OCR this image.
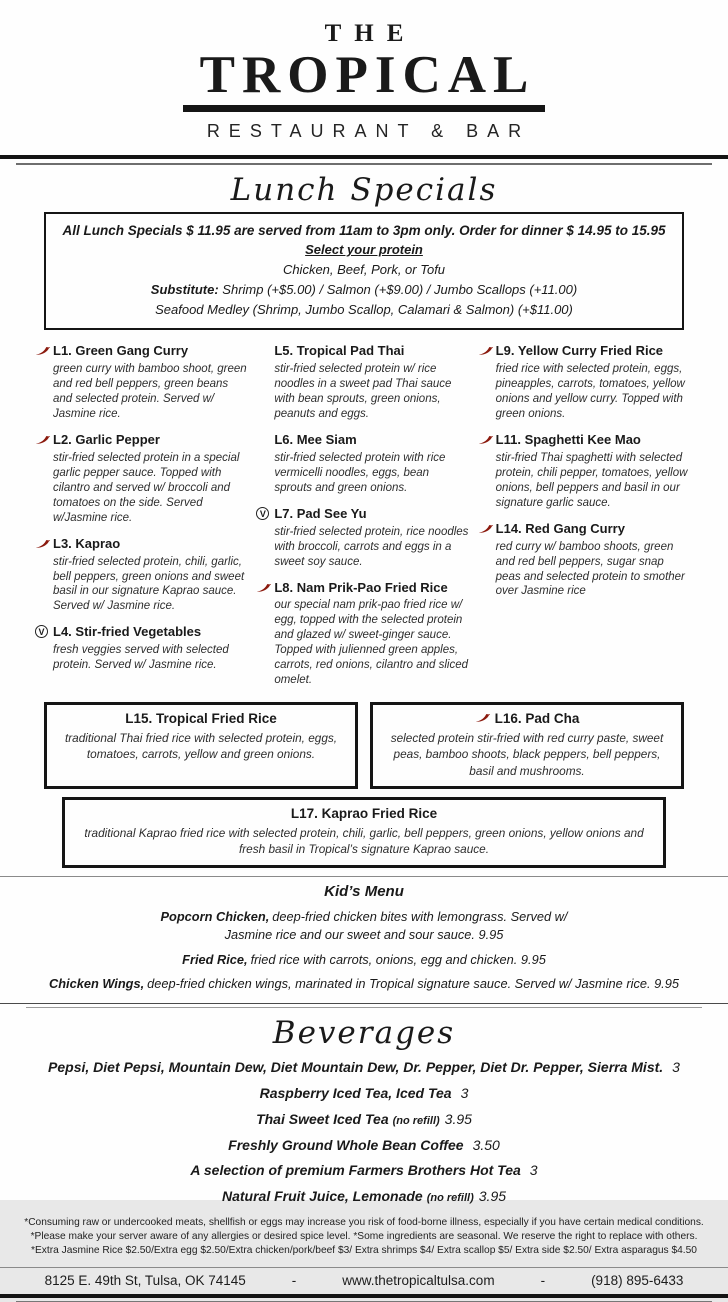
THE
TROPICAL
RESTAURANT & BAR
Lunch Specials

All Lunch Specials $ 11.95 are served from 11am to 3pm only. Order for dinner $ 14.95 to 15.95

Select your protein

Chicken, Beef, Pork, or Tofu

Substitute: Shrimp (+$5.00) / Salmon (+$9.00) / Jumbo Scallops (+11.00)

Seafood Medley (Shrimp, Jumbo Scallop, Calamari & Salmon) (+$11.00)

L1. Green Gang Curry

green curry with bamboo shoot, green and red bell peppers, green beans and selected protein. Served w/ Jasmine rice.

L2. Garlic Pepper

stir-fried selected protein in a special garlic pepper sauce. Topped with cilantro and served w/ broccoli and tomatoes on the side. Served w/Jasmine rice.

L3. Kaprao

stir-fried selected protein, chili, garlic, bell peppers, green onions and sweet basil in our signature Kaprao sauce. Served w/ Jasmine rice.

V L4. Stir-fried Vegetables

fresh veggies served with selected protein. Served w/ Jasmine rice.

L5. Tropical Pad Thai

stir-fried selected protein w/ rice noodles in a sweet pad Thai sauce with bean sprouts, green onions, peanuts and eggs.

L6. Mee Siam

stir-fried selected protein with rice vermicelli noodles, eggs, bean sprouts and green onions.

V L7. Pad See Yu

stir-fried selected protein, rice noodles with broccoli, carrots and eggs in a sweet soy sauce.

L8. Nam Prik-Pao Fried Rice

our special nam prik-pao fried rice w/ egg, topped with the selected protein and glazed w/ sweet-ginger sauce. Topped with julienned green apples, carrots, red onions, cilantro and sliced omelet.

L9. Yellow Curry Fried Rice

fried rice with selected protein, eggs, pineapples, carrots, tomatoes, yellow onions and yellow curry. Topped with green onions.

L11. Spaghetti Kee Mao

stir-fried Thai spaghetti with selected protein, chili pepper, tomatoes, yellow onions, bell peppers and basil in our signature garlic sauce.

L14. Red Gang Curry

red curry w/ bamboo shoots, green and red bell peppers, sugar snap peas and selected protein to smother over Jasmine rice

L15. Tropical Fried Rice

traditional Thai fried rice with selected protein, eggs, tomatoes, carrots, yellow and green onions.

L16. Pad Cha

selected protein stir-fried with red curry paste, sweet peas, bamboo shoots, black peppers, bell peppers, basil and mushrooms.

L17. Kaprao Fried Rice

traditional Kaprao fried rice with selected protein, chili, garlic, bell peppers, green onions, yellow onions and fresh basil in Tropical’s signature Kaprao sauce.

Kid’s Menu

Popcorn Chicken, deep-fried chicken bites with lemongrass. Served w/ Jasmine rice and our sweet and sour sauce. 9.95

Fried Rice, fried rice with carrots, onions, egg and chicken. 9.95

Chicken Wings, deep-fried chicken wings, marinated in Tropical signature sauce. Served w/ Jasmine rice. 9.95

Beverages

Pepsi, Diet Pepsi, Mountain Dew, Diet Mountain Dew, Dr. Pepper, Diet Dr. Pepper, Sierra Mist. 3

Raspberry Iced Tea, Iced Tea 3

Thai Sweet Iced Tea (no refill) 3.95

Freshly Ground Whole Bean Coffee 3.50

A selection of premium Farmers Brothers Hot Tea 3

Natural Fruit Juice, Lemonade (no refill) 3.95

*Consuming raw or undercooked meats, shellfish or eggs may increase you risk of food-borne illness, especially if you have certain medical conditions.

*Please make your server aware of any allergies or desired spice level. *Some ingredients are seasonal. We reserve the right to replace with others.

*Extra Jasmine Rice $2.50/Extra egg $2.50/Extra chicken/pork/beef $3/ Extra shrimps $4/ Extra scallop $5/ Extra side $2.50/ Extra asparagus $4.50

8125 E. 49th St, Tulsa, OK 74145	-	www.thetropicaltulsa.com	-	(918) 895-6433
